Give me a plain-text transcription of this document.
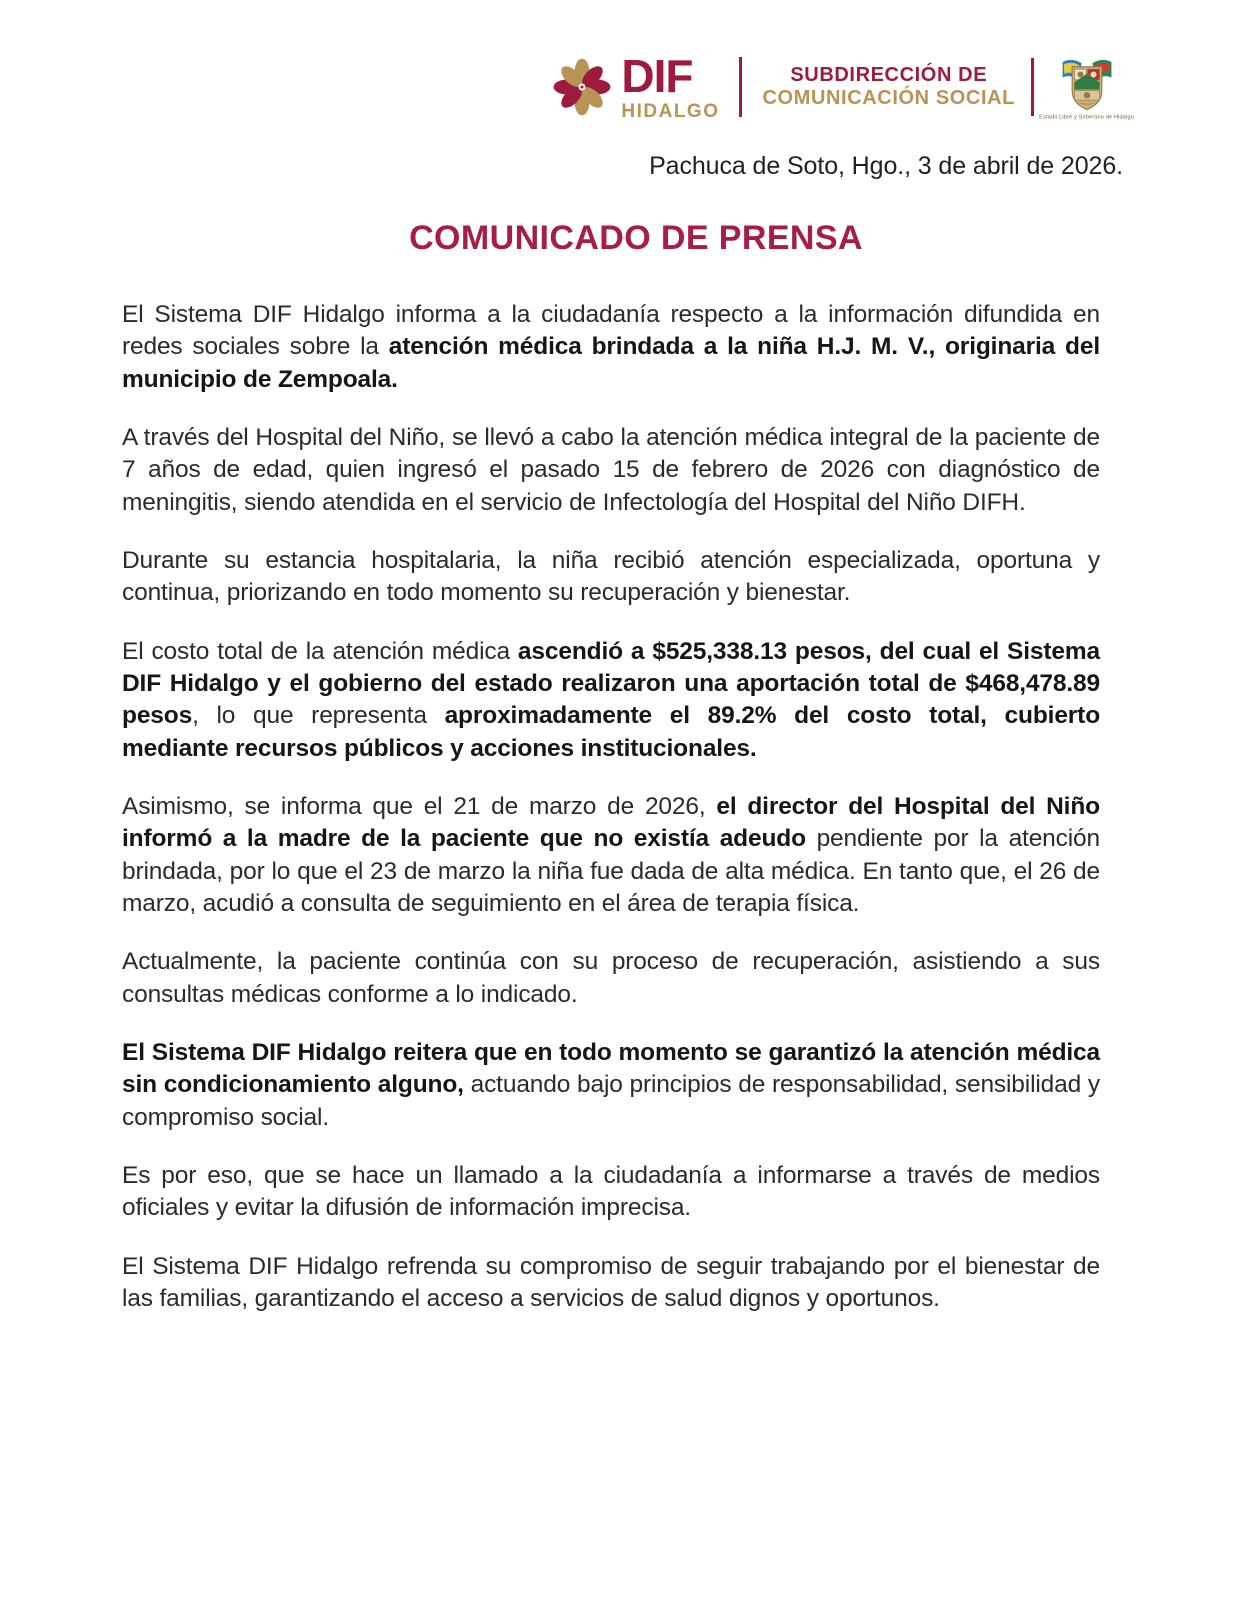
DIF
HIDALGO
SUBDIRECCIÓN DE
COMUNICACIÓN SOCIAL
Estado Libre y Soberano de Hidalgo
Pachuca de Soto, Hgo., 3 de abril de 2026.
COMUNICADO DE PRENSA

El Sistema DIF Hidalgo informa a la ciudadanía respecto a la información difundida en redes sociales sobre la atención médica brindada a la niña H.J. M. V., originaria del municipio de Zempoala.

A través del Hospital del Niño, se llevó a cabo la atención médica integral de la paciente de 7 años de edad, quien ingresó el pasado 15 de febrero de 2026 con diagnóstico de meningitis, siendo atendida en el servicio de Infectología del Hospital del Niño DIFH.

Durante su estancia hospitalaria, la niña recibió atención especializada, oportuna y continua, priorizando en todo momento su recuperación y bienestar.

El costo total de la atención médica ascendió a $525,338.13 pesos, del cual el Sistema DIF Hidalgo y el gobierno del estado realizaron una aportación total de $468,478.89 pesos, lo que representa aproximadamente el 89.2% del costo total, cubierto mediante recursos públicos y acciones institucionales.

Asimismo, se informa que el 21 de marzo de 2026, el director del Hospital del Niño informó a la madre de la paciente que no existía adeudo pendiente por la atención brindada, por lo que el 23 de marzo la niña fue dada de alta médica. En tanto que, el 26 de marzo, acudió a consulta de seguimiento en el área de terapia física.

Actualmente, la paciente continúa con su proceso de recuperación, asistiendo a sus consultas médicas conforme a lo indicado.

El Sistema DIF Hidalgo reitera que en todo momento se garantizó la atención médica sin condicionamiento alguno, actuando bajo principios de responsabilidad, sensibilidad y compromiso social.

Es por eso, que se hace un llamado a la ciudadanía a informarse a través de medios oficiales y evitar la difusión de información imprecisa.

El Sistema DIF Hidalgo refrenda su compromiso de seguir trabajando por el bienestar de las familias, garantizando el acceso a servicios de salud dignos y oportunos.
